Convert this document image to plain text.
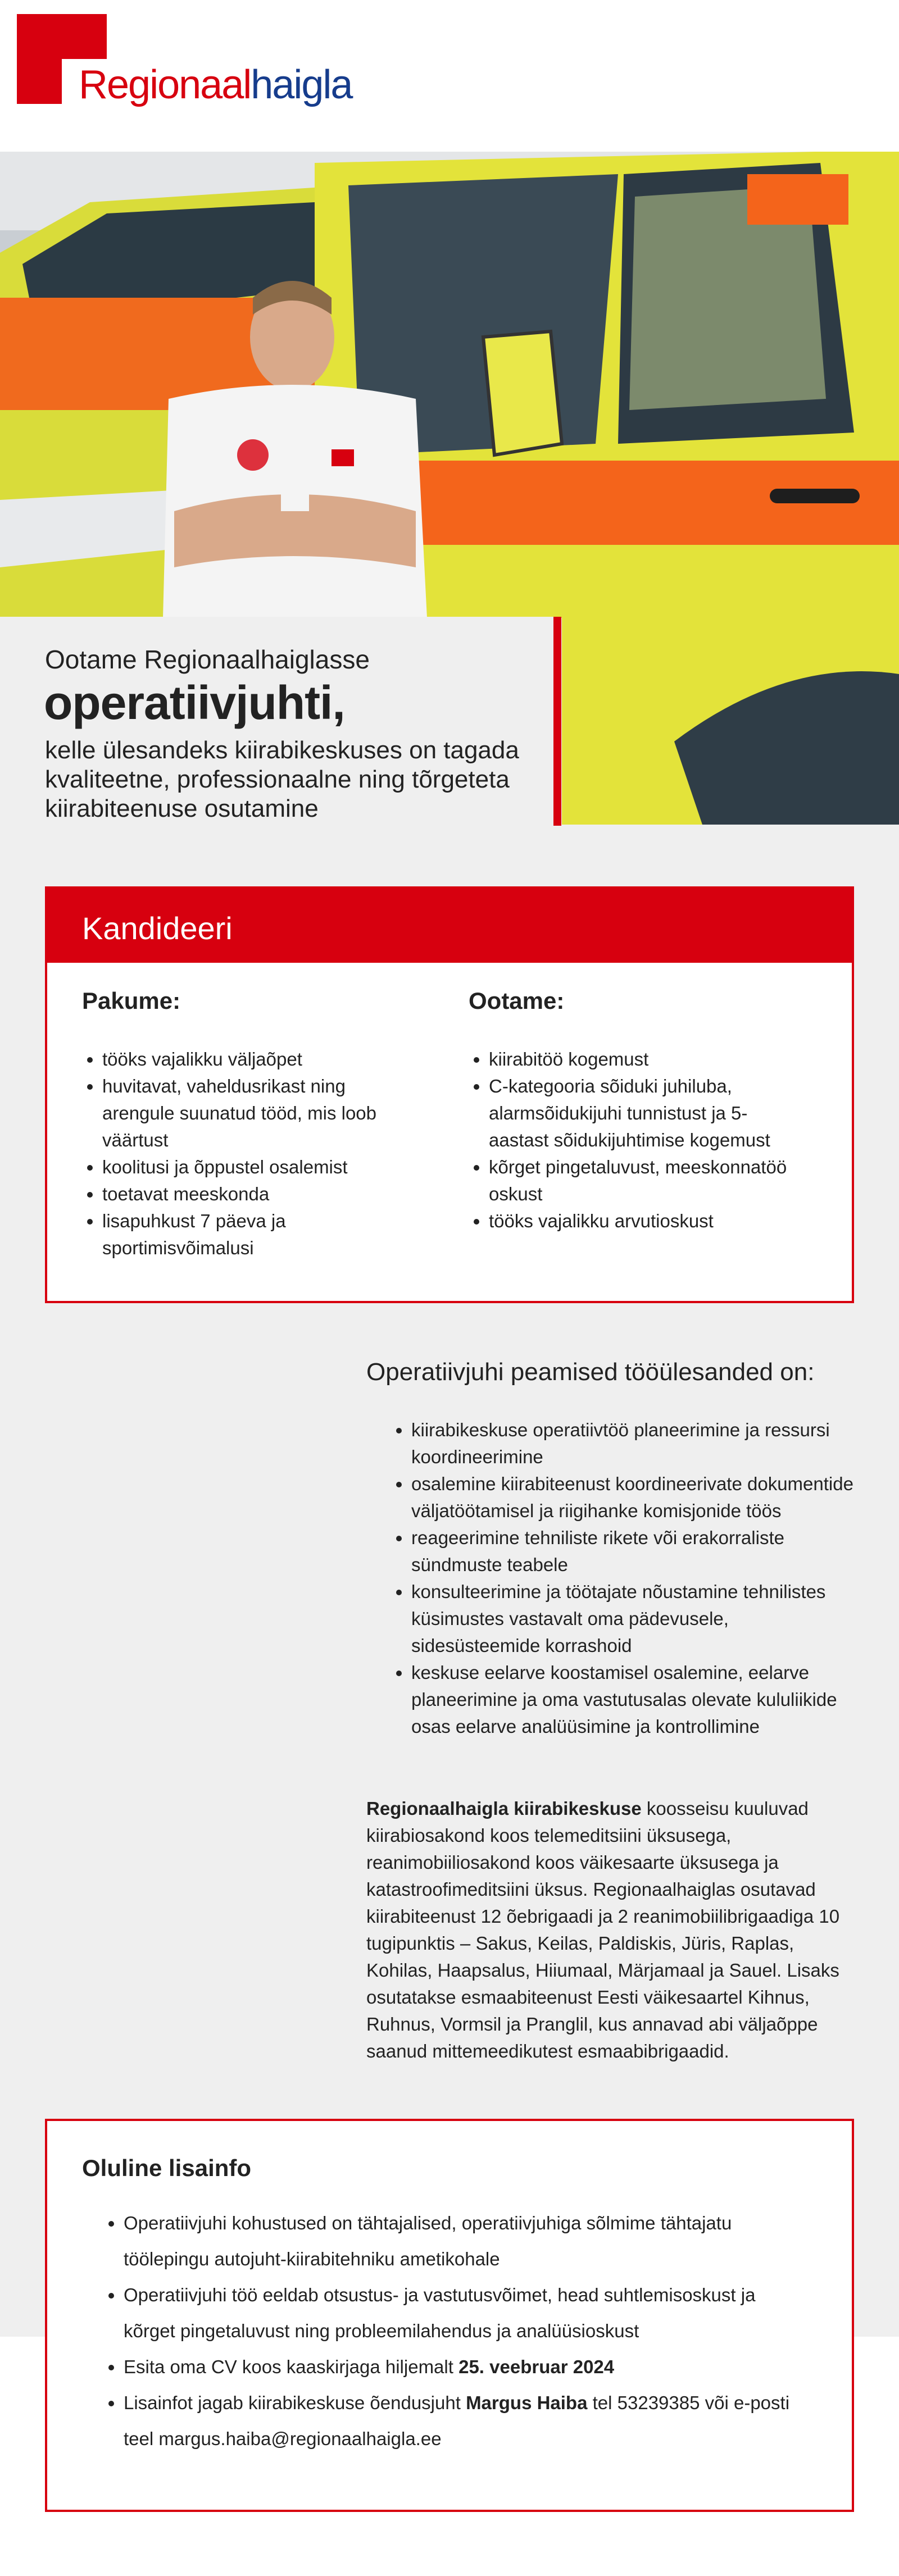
Regionaalhaigla
Ootame Regionaalhaiglasse
operatiivjuhti,
kelle ülesandeks kiirabikeskuses on tagada kvaliteetne, professionaalne ning tõrgeteta kiirabiteenuse osutamine
Kandideeri
Pakume:
• tööks vajalikku väljaõpet
• huvitavat, vaheldusrikast ning arengule suunatud tööd, mis loob väärtust
• koolitusi ja õppustel osalemist
• toetavat meeskonda
• lisapuhkust 7 päeva ja sportimisvõimalusi
Ootame:
• kiirabitöö kogemust
• C-kategooria sõiduki juhiluba, alarmsõidukijuhi tunnistust ja 5-aastast sõidukijuhtimise kogemust
• kõrget pingetaluvust, meeskonnatöö oskust
• tööks vajalikku arvutioskust
Operatiivjuhi peamised tööülesanded on:
• kiirabikeskuse operatiivtöö planeerimine ja ressursi koordineerimine
• osalemine kiirabiteenust koordineerivate dokumentide väljatöötamisel ja riigihanke komisjonide töös
• reageerimine tehniliste rikete või erakorraliste sündmuste teabele
• konsulteerimine ja töötajate nõustamine tehnilistes küsimustes vastavalt oma pädevusele, sidesüsteemide korrashoid
• keskuse eelarve koostamisel osalemine, eelarve planeerimine ja oma vastutusalas olevate kululiikide osas eelarve analüüsimine ja kontrollimine

Regionaalhaigla kiirabikeskuse koosseisu kuuluvad kiirabiosakond koos telemeditsiini üksusega, reanimobiiliosakond koos väikesaarte üksusega ja katastroofimeditsiini üksus. Regionaalhaiglas osutavad kiirabiteenust 12 õebrigaadi ja 2 reanimobiilibrigaadiga 10 tugipunktis – Sakus, Keilas, Paldiskis, Jüris, Raplas, Kohilas, Haapsalus, Hiiumaal, Märjamaal ja Sauel. Lisaks osutatakse esmaabiteenust Eesti väikesaartel Kihnus, Ruhnus, Vormsil ja Pranglil, kus annavad abi väljaõppe saanud mittemeedikutest esmaabibrigaadid.

Oluline lisainfo
• Operatiivjuhi kohustused on tähtajalised, operatiivjuhiga sõlmime tähtajatu töölepingu autojuht-kiirabitehniku ametikohale
• Operatiivjuhi töö eeldab otsustus- ja vastutusvõimet, head suhtlemisoskust ja kõrget pingetaluvust ning probleemilahendus ja analüüsioskust
• Esita oma CV koos kaaskirjaga hiljemalt 25. veebruar 2024
• Lisainfot jagab kiirabikeskuse õendusjuht Margus Haiba tel 53239385 või e-posti teel margus.haiba@regionaalhaigla.ee
